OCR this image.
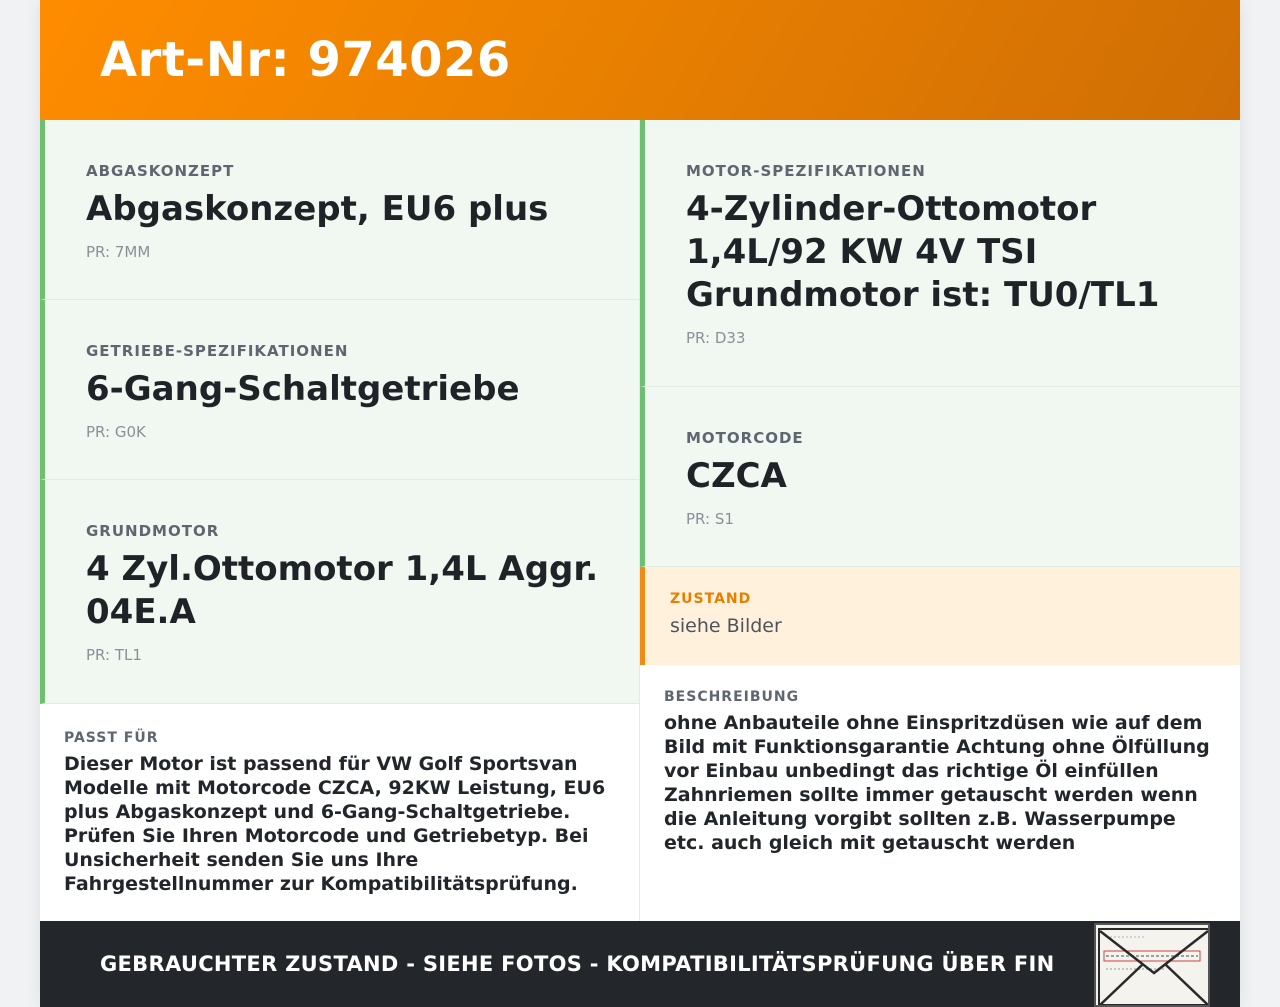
Art-Nr: 974026
ABGASKONZEPT
Abgaskonzept, EU6 plus
PR: 7MM
GETRIEBE-SPEZIFIKATIONEN
6-Gang-Schaltgetriebe
PR: G0K
GRUNDMOTOR
4 Zyl.Ottomotor 1,4L Aggr. 04E.A
PR: TL1
PASST FÜR
Dieser Motor ist passend für VW Golf Sportsvan Modelle mit Motorcode CZCA, 92KW Leistung, EU6 plus Abgaskonzept und 6-Gang-Schaltgetriebe. Prüfen Sie Ihren Motorcode und Getriebetyp. Bei Unsicherheit senden Sie uns Ihre Fahrgestellnummer zur Kompatibilitätsprüfung.
MOTOR-SPEZIFIKATIONEN
4-Zylinder-Ottomotor 1,4L/92 KW 4V TSI Grundmotor ist: TU0/TL1
PR: D33
MOTORCODE
CZCA
PR: S1
ZUSTAND
siehe Bilder
BESCHREIBUNG
ohne Anbauteile ohne Einspritzdüsen wie auf dem Bild mit Funktionsgarantie Achtung ohne Ölfüllung vor Einbau unbedingt das richtige Öl einfüllen Zahnriemen sollte immer getauscht werden wenn die Anleitung vorgibt sollten z.B. Wasserpumpe etc. auch gleich mit getauscht werden
GEBRAUCHTER ZUSTAND - SIEHE FOTOS - KOMPATIBILITÄTSPRÜFUNG ÜBER FIN
